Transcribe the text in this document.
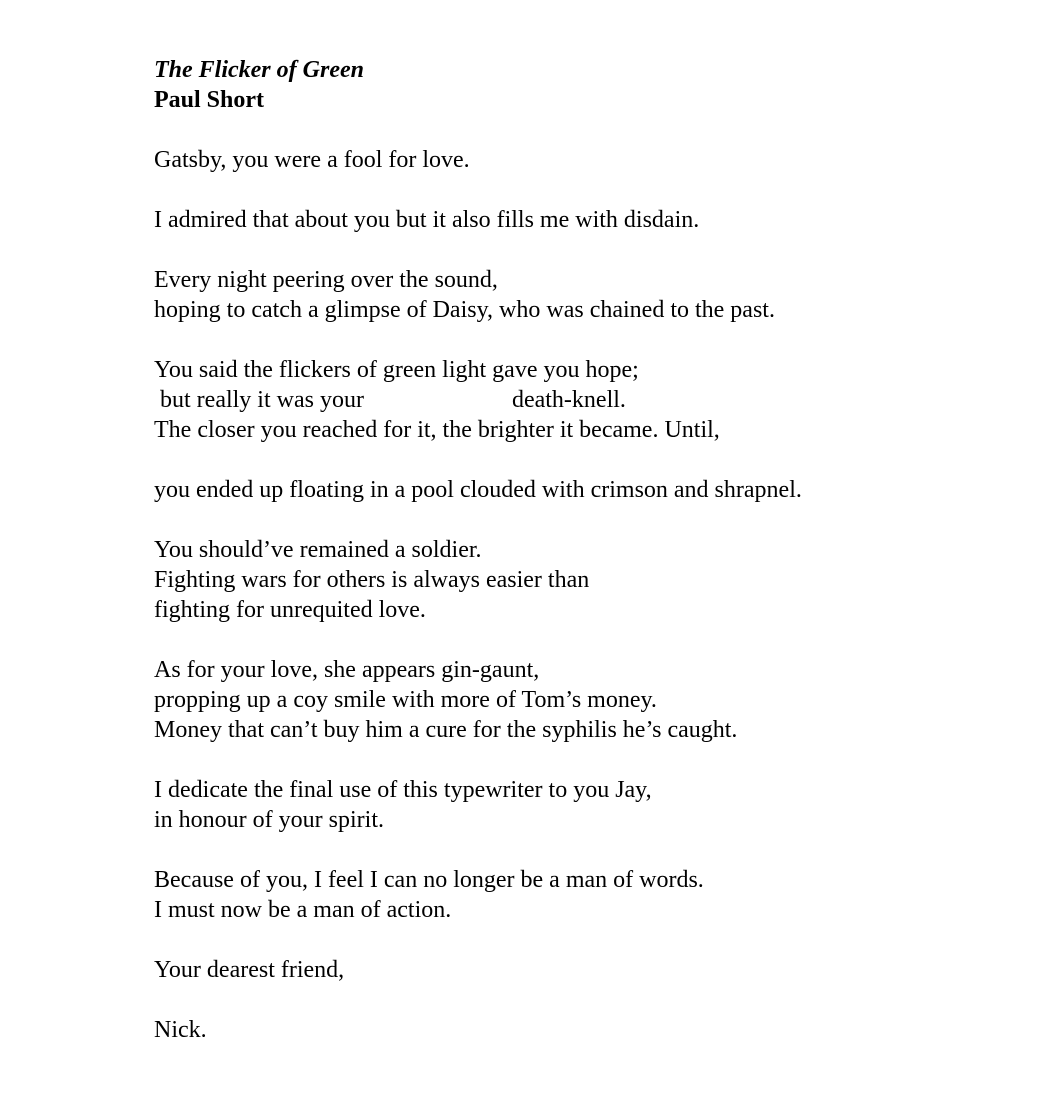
The Flicker of Green
Paul Short
Gatsby, you were a fool for love.
I admired that about you but it also fills me with disdain.
Every night peering over the sound,
hoping to catch a glimpse of Daisy, who was chained to the past.
You said the flickers of green light gave you hope;
but really it was your	death-knell.
The closer you reached for it, the brighter it became. Until,
you ended up floating in a pool clouded with crimson and shrapnel.
You should’ve remained a soldier.
Fighting wars for others is always easier than
fighting for unrequited love.
As for your love, she appears gin-gaunt,
propping up a coy smile with more of Tom’s money.
Money that can’t buy him a cure for the syphilis he’s caught.
I dedicate the final use of this typewriter to you Jay,
in honour of your spirit.
Because of you, I feel I can no longer be a man of words.
I must now be a man of action.
Your dearest friend,
Nick.
